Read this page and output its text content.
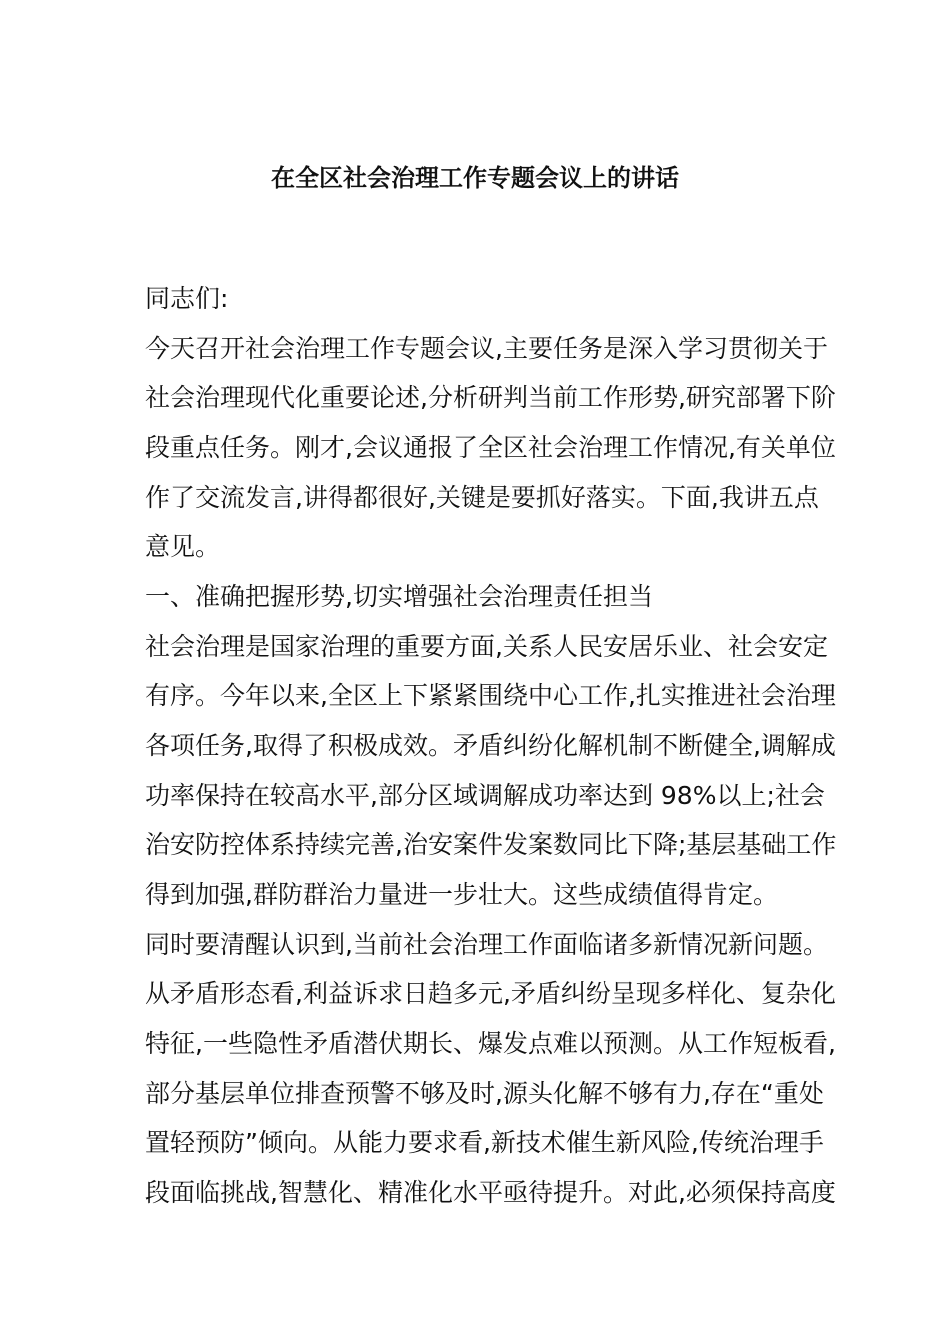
在全区社会治理工作专题会议上的讲话

同志们:

今天召开社会治理工作专题会议,主要任务是深入学习贯彻关于

社会治理现代化重要论述,分析研判当前工作形势,研究部署下阶

段重点任务。刚才,会议通报了全区社会治理工作情况,有关单位

作了交流发言,讲得都很好,关键是要抓好落实。下面,我讲五点

意见。

一、准确把握形势,切实增强社会治理责任担当

社会治理是国家治理的重要方面,关系人民安居乐业、社会安定

有序。今年以来,全区上下紧紧围绕中心工作,扎实推进社会治理

各项任务,取得了积极成效。矛盾纠纷化解机制不断健全,调解成

功率保持在较高水平,部分区域调解成功率达到 98%以上;社会

治安防控体系持续完善,治安案件发案数同比下降;基层基础工作

得到加强,群防群治力量进一步壮大。这些成绩值得肯定。

同时要清醒认识到,当前社会治理工作面临诸多新情况新问题。

从矛盾形态看,利益诉求日趋多元,矛盾纠纷呈现多样化、复杂化

特征,一些隐性矛盾潜伏期长、爆发点难以预测。从工作短板看,

部分基层单位排查预警不够及时,源头化解不够有力,存在“重处

置轻预防”倾向。从能力要求看,新技术催生新风险,传统治理手

段面临挑战,智慧化、精准化水平亟待提升。对此,必须保持高度
